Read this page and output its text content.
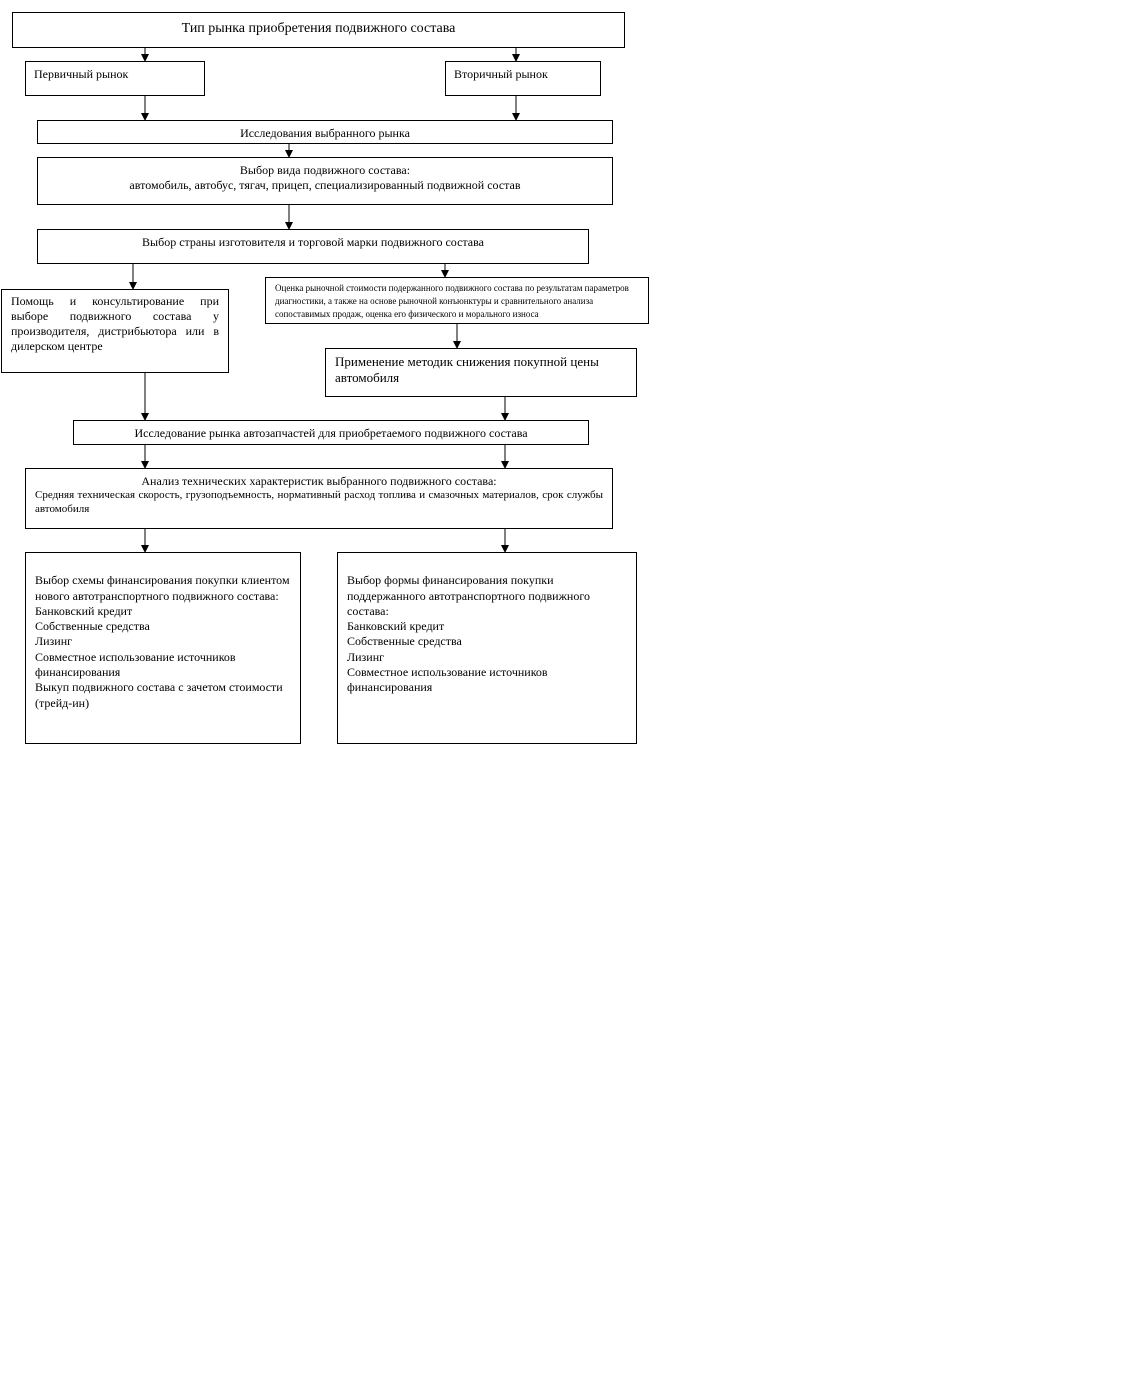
Тип рынка приобретения подвижного состава
Первичный рынок	Вторичный рынок
Исследования выбранного рынка
Выбор вида подвижного состава:
автомобиль, автобус, тягач, прицеп, специализированный подвижной состав
Выбор страны изготовителя и торговой марки подвижного состава
Помощь и консультирование при выборе подвижного состава у производителя, дистрибьютора или в дилерском центре
Оценка рыночной стоимости подержанного подвижного состава по результатам параметров диагностики, а также на основе рыночной конъюнктуры и сравнительного анализа сопоставимых продаж, оценка его физического и морального износа
Применение методик снижения покупной цены автомобиля
Исследование рынка автозапчастей для приобретаемого подвижного состава
Анализ технических характеристик выбранного подвижного состава:
Средняя техническая скорость, грузоподъемность, нормативный расход топлива и смазочных материалов, срок службы автомобиля

Выбор схемы финансирования покупки клиентом нового автотранспортного подвижного состава:
Банковский кредит
Собственные средства
Лизинг
Совместное использование источников финансирования
Выкуп подвижного состава с зачетом стоимости (трейд-ин)

Выбор формы финансирования покупки поддержанного автотранспортного подвижного состава:
Банковский кредит
Собственные средства
Лизинг
Совместное использование источников финансирования
